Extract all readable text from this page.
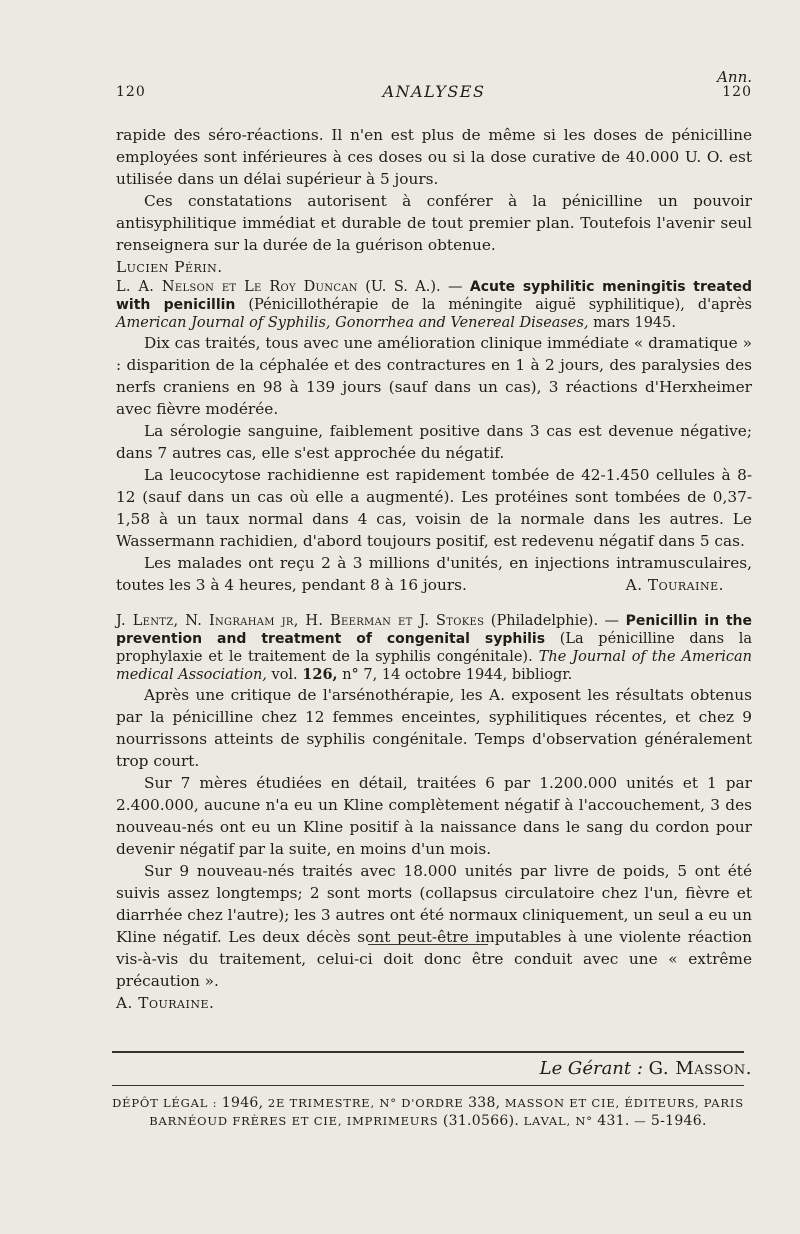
Ann.
120	ANALYSES	120

rapide des séro-réactions. Il n'en est plus de même si les doses de pénicilline employées sont inférieures à ces doses ou si la dose curative de 40.000 U. O. est utilisée dans un délai supérieur à 5 jours.

Ces constatations autorisent à conférer à la pénicilline un pouvoir antisyphilitique immédiat et durable de tout premier plan. Toutefois l'avenir seul renseignera sur la durée de la guérison obtenue.

Lucien Périn.

L. A. Nelson et Le Roy Duncan (U. S. A.). — Acute syphilitic meningitis treated with penicillin (Pénicillothérapie de la méningite aiguë syphilitique), d'après American Journal of Syphilis, Gonorrhea and Venereal Diseases, mars 1945.

Dix cas traités, tous avec une amélioration clinique immédiate « dramatique » : disparition de la céphalée et des contractures en 1 à 2 jours, des paralysies des nerfs craniens en 98 à 139 jours (sauf dans un cas), 3 réactions d'Herxheimer avec fièvre modérée.

La sérologie sanguine, faiblement positive dans 3 cas est devenue négative; dans 7 autres cas, elle s'est approchée du négatif.

La leucocytose rachidienne est rapidement tombée de 42-1.450 cellules à 8-12 (sauf dans un cas où elle a augmenté). Les protéines sont tombées de 0,37-1,58 à un taux normal dans 4 cas, voisin de la normale dans les autres. Le Wassermann rachidien, d'abord toujours positif, est redevenu négatif dans 5 cas.

Les malades ont reçu 2 à 3 millions d'unités, en injections intramusculaires, toutes les 3 à 4 heures, pendant 8 à 16 jours.	A. Touraine.

J. Lentz, N. Ingraham jr, H. Beerman et J. Stokes (Philadelphie). — Penicillin in the prevention and treatment of congenital syphilis (La pénicilline dans la prophylaxie et le traitement de la syphilis congénitale). The Journal of the American medical Association, vol. 126, n° 7, 14 octobre 1944, bibliogr.

Après une critique de l'arsénothérapie, les A. exposent les résultats obtenus par la pénicilline chez 12 femmes enceintes, syphilitiques récentes, et chez 9 nourrissons atteints de syphilis congénitale. Temps d'observation généralement trop court.

Sur 7 mères étudiées en détail, traitées 6 par 1.200.000 unités et 1 par 2.400.000, aucune n'a eu un Kline complètement négatif à l'accouchement, 3 des nouveau-nés ont eu un Kline positif à la naissance dans le sang du cordon pour devenir négatif par la suite, en moins d'un mois.

Sur 9 nouveau-nés traités avec 18.000 unités par livre de poids, 5 ont été suivis assez longtemps; 2 sont morts (collapsus circulatoire chez l'un, fièvre et diarrhée chez l'autre); les 3 autres ont été normaux cliniquement, un seul a eu un Kline négatif. Les deux décès sont peut-être imputables à une violente réaction vis-à-vis du traitement, celui-ci doit donc être conduit avec une « extrême précaution ».

A. Touraine.

Le Gérant : G. Masson.
DÉPÔT LÉGAL : 1946, 2E TRIMESTRE, N° D'ORDRE 338, MASSON ET CIE, ÉDITEURS, PARIS
BARNÉOUD FRÈRES ET CIE, IMPRIMEURS (31.0566). LAVAL, N° 431. — 5-1946.
